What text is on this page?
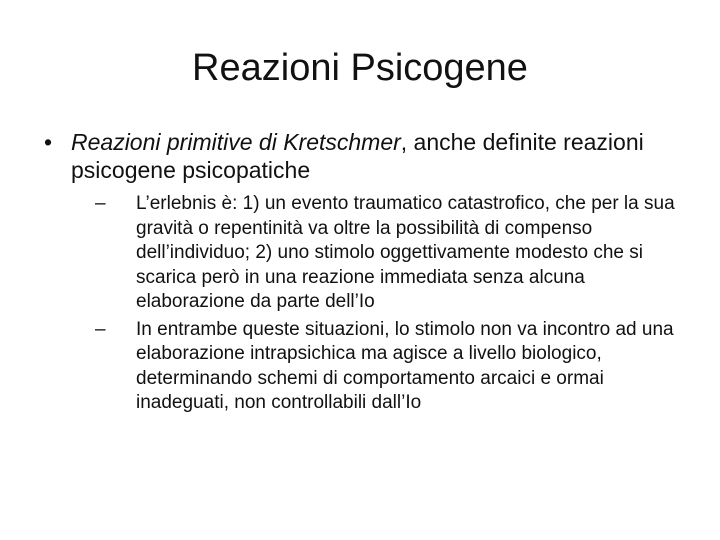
Reazioni Psicogene
• Reazioni primitive di Kretschmer, anche definite reazioni psicogene psicopatiche
– L’erlebnis è: 1) un evento traumatico catastrofico, che per la sua gravità o repentinità va oltre la possibilità di compenso dell’individuo; 2) uno stimolo oggettivamente modesto che si scarica però in una reazione immediata senza alcuna elaborazione da parte dell’Io
– In entrambe queste situazioni, lo stimolo non va incontro ad una elaborazione intrapsichica ma agisce a livello biologico, determinando schemi di comportamento arcaici e ormai inadeguati, non controllabili dall’Io
